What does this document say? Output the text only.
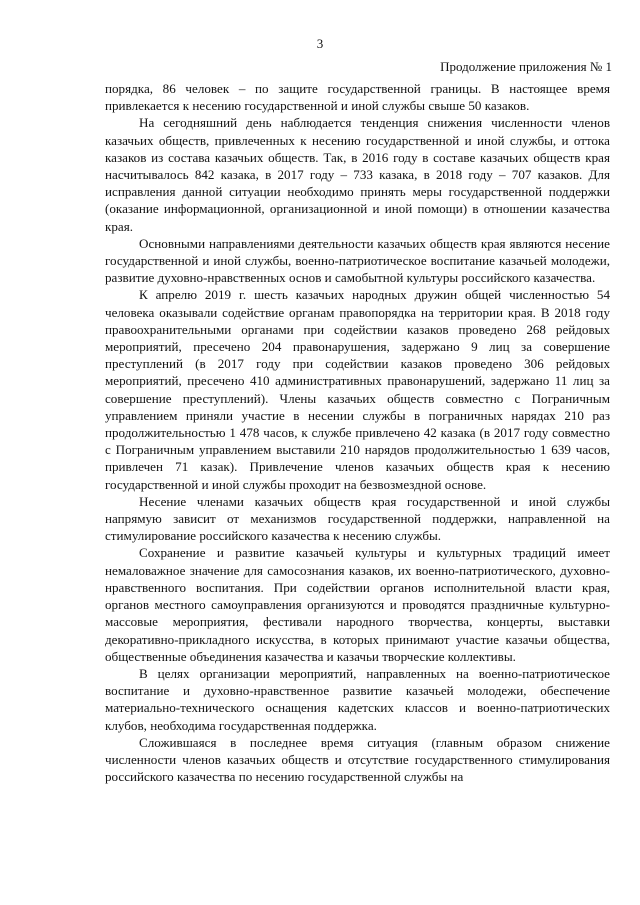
3
Продолжение приложения № 1

порядка, 86 человек – по защите государственной границы. В настоящее время привлекается к несению государственной и иной службы свыше 50 казаков.

На сегодняшний день наблюдается тенденция снижения численности членов казачьих обществ, привлеченных к несению государственной и иной службы, и оттока казаков из состава казачьих обществ. Так, в 2016 году в составе казачьих обществ края насчитывалось 842 казака, в 2017 году – 733 казака, в 2018 году – 707 казаков. Для исправления данной ситуации необходимо принять меры государственной поддержки (оказание информационной, организационной и иной помощи) в отношении казачества края.

Основными направлениями деятельности казачьих обществ края являются несение государственной и иной службы, военно-патриотическое воспитание казачьей молодежи, развитие духовно-нравственных основ и самобытной культуры российского казачества.

К апрелю 2019 г. шесть казачьих народных дружин общей численностью 54 человека оказывали содействие органам правопорядка на территории края. В 2018 году правоохранительными органами при содействии казаков проведено 268 рейдовых мероприятий, пресечено 204 правонарушения, задержано 9 лиц за совершение преступлений (в 2017 году при содействии казаков проведено 306 рейдовых мероприятий, пресечено 410 административных правонарушений, задержано 11 лиц за совершение преступлений). Члены казачьих обществ совместно с Пограничным управлением приняли участие в несении службы в пограничных нарядах 210 раз продолжительностью 1 478 часов, к службе привлечено 42 казака (в 2017 году совместно с Пограничным управлением выставили 210 нарядов продолжительностью 1 639 часов, привлечен 71 казак). Привлечение членов казачьих обществ края к несению государственной и иной службы проходит на безвозмездной основе.

Несение членами казачьих обществ края государственной и иной службы напрямую зависит от механизмов государственной поддержки, направленной на стимулирование российского казачества к несению службы.

Сохранение и развитие казачьей культуры и культурных традиций имеет немаловажное значение для самосознания казаков, их военно-патриотического, духовно-нравственного воспитания. При содействии органов исполнительной власти края, органов местного самоуправления организуются и проводятся праздничные культурно-массовые мероприятия, фестивали народного творчества, концерты, выставки декоративно-прикладного искусства, в которых принимают участие казачьи общества, общественные объединения казачества и казачьи творческие коллективы.

В целях организации мероприятий, направленных на военно-патриотическое воспитание и духовно-нравственное развитие казачьей молодежи, обеспечение материально-технического оснащения кадетских классов и военно-патриотических клубов, необходима государственная поддержка.

Сложившаяся в последнее время ситуация (главным образом снижение численности членов казачьих обществ и отсутствие государственного стимулирования российского казачества по несению государственной службы на
